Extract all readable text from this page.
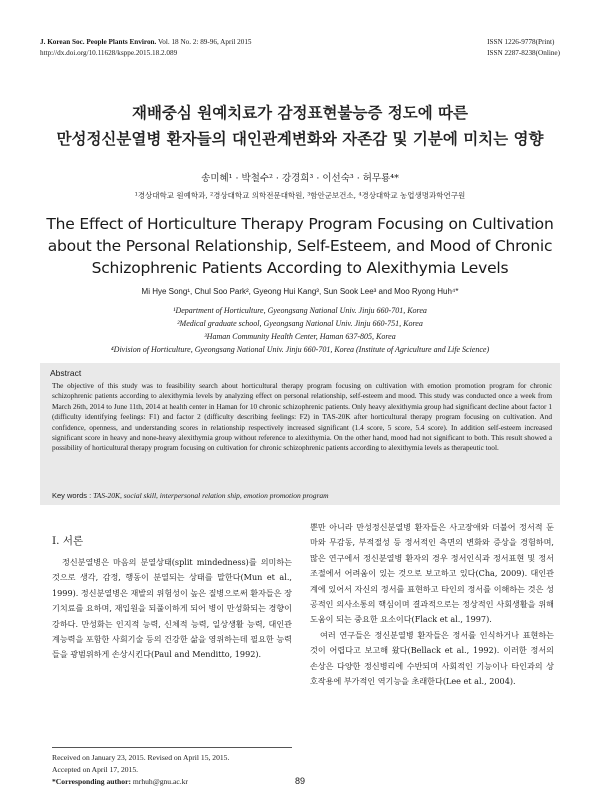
J. Korean Soc. People Plants Environ. Vol. 18 No. 2: 89-96, April 2015
http://dx.doi.org/10.11628/ksppe.2015.18.2.089
ISSN 1226-9778(Print)
ISSN 2287-8238(Online)
재배중심 원예치료가 감정표현불능증 정도에 따른
만성정신분열병 환자들의 대인관계변화와 자존감 및 기분에 미치는 영향
송미혜¹ · 박철수² · 강경희³ · 이선숙³ · 허무룡⁴*
¹경상대학교 원예학과, ²경상대학교 의학전문대학원, ³함안군보건소, ⁴경상대학교 농업생명과학연구원
The Effect of Horticulture Therapy Program Focusing on Cultivation
about the Personal Relationship, Self-Esteem, and Mood of Chronic
Schizophrenic Patients According to Alexithymia Levels
Mi Hye Song¹, Chul Soo Park², Gyeong Hui Kang³, Sun Sook Lee³ and Moo Ryong Huh⁴*
¹Department of Horticulture, Gyeongsang National Univ. Jinju 660-701, Korea
²Medical graduate school, Gyeongsang National Univ. Jinju 660-751, Korea
³Haman Community Health Center, Haman 637-805, Korea
⁴Division of Horticulture, Gyeongsang National Univ. Jinju 660-701, Korea (Institute of Agriculture and Life Science)
Abstract
The objective of this study was to feasibility search about horticultural therapy program focusing on cultivation with emotion promotion program for chronic schizophrenic patients according to alexithymia levels by analyzing effect on personal relationship, self-esteem and mood. This study was conducted once a week from March 26th, 2014 to June 11th, 2014 at health center in Haman for 10 chronic schizophrenic patients. Only heavy alexithymia group had significant decline about factor 1 (difficulty identifying feelings: F1) and factor 2 (difficulty describing feelings: F2) in TAS-20K after horticultural therapy program focusing on cultivation. And confidence, openness, and understanding scores in relationship respectively increased significant (1.4 score, 5 score, 5.4 score). In addition self-esteem increased significant score in heavy and none-heavy alexithymia group without reference to alexithymia. On the other hand, mood had not significant to both. This result showed a possibility of horticultural therapy program focusing on cultivation for chronic schizophrenic patients according to alexithymia levels as therapeutic tool.
Key words : TAS-20K, social skill, interpersonal relation ship, emotion promotion program
Ⅰ. 서론

정신분열병은 마음의 분열상태(split mindedness)를 의미하는 것으로 생각, 감정, 행동이 분열되는 상태를 말한다(Mun et al., 1999). 정신분열병은 재발의 위험성이 높은 질병으로써 환자들은 장기치료를 요하며, 재입원을 되풀이하게 되어 병이 만성화되는 경향이 강하다. 만성화는 인지적 능력, 신체적 능력, 일상생활 능력, 대인관계능력을 포함한 사회기술 등의 건강한 삶을 영위하는데 필요한 능력들을 광범위하게 손상시킨다(Paul and Menditto, 1992).

뿐만 아니라 만성정신분열병 환자들은 사고장애와 더불어 정서적 둔마와 무감동, 부적절성 등 정서적인 측면의 변화와 증상을 경험하며, 많은 연구에서 정신분열병 환자의 경우 정서인식과 정서표현 및 정서조절에서 어려움이 있는 것으로 보고하고 있다(Cha, 2009). 대인관계에 있어서 자신의 정서를 표현하고 타인의 정서를 이해하는 것은 성공적인 의사소통의 핵심이며 결과적으로는 정상적인 사회생활을 위해 도움이 되는 중요한 요소이다(Flack et al., 1997).

여러 연구들은 정신분열병 환자들은 정서를 인식하거나 표현하는 것이 어렵다고 보고해 왔다(Bellack et al., 1992). 이러한 정서의 손상은 다양한 정신병리에 수반되며 사회적인 기능이나 타인과의 상호작용에 부가적인 역기능을 초래한다(Lee et al., 2004).

Received on January 23, 2015. Revised on April 15, 2015.
Accepted on April 17, 2015.
*Corresponding author: mrhuh@gnu.ac.kr	89
